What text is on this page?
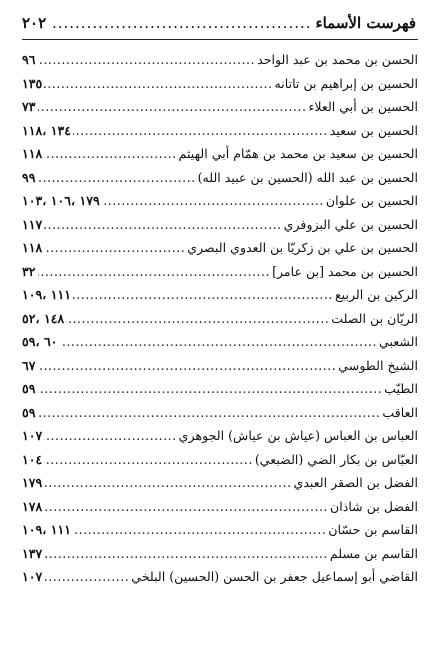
فهرست الأسماء
.....
٢٠٢
الحسن بن محمد بن عبد الواحد
.....
٩٦
الحسين بن إبراهيم بن تاتانه
.....
١٣٥
الحسين بن أبي العلاء
.....
٧٣
الحسين بن سعيد
.....
١٣٤ ،١١٨
الحسين بن سعيد بن محمد بن همّام أبي الهيثم
.....
١١٨
الحسين بن عبد الله (الحسين بن عبيد الله)
.....
٩٩
الحسين بن علوان
.....
١٧٩ ،١٠٦ ،١٠٣
الحسين بن علي البزوفري
.....
١١٧
الحسين بن علي بن زكريّا بن العدوي البصري
.....
١١٨
الحسين بن محمد [بن عامر]
.....
٣٢
الركين بن الربيع
.....
١١١ ،١٠٩
الريّان بن الصلت
.....
١٤٨ ،٥٢
الشعبي
.....
٦٠ ،٥٩
الشيخ الطوسي
.....
٦٧
الطيّب
.....
٥٩
العاقب
.....
٥٩
العباس بن العباس (عياش بن عياش) الجوهري
.....
١٠٧
العبّاس بن بكار الضي (الضبعي)
.....
١٠٤
الفضل بن الصقر العبدي
.....
١٧٩
الفضل بن شاذان
.....
١٧٨
القاسم بن حسّان
.....
١١١ ،١٠٩
القاسم بن مسلم
.....
١٣٧
القاضي أبو إسماعيل جعفر بن الحسن (الحسين) البلخي
.....
١٠٧
